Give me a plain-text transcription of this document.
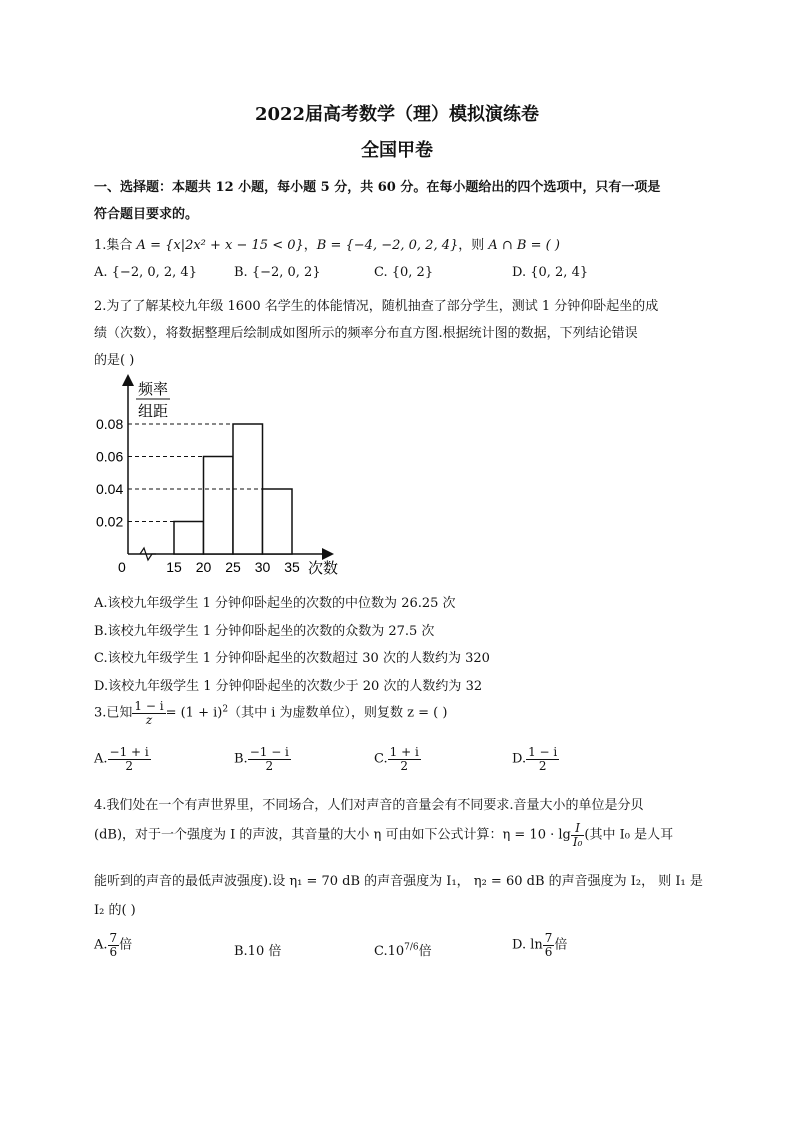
2022届高考数学（理）模拟演练卷
全国甲卷
一、选择题：本题共 12 小题，每小题 5 分，共 60 分。在每小题给出的四个选项中，只有一项是
符合题目要求的。
1.集合 A = {x|2x² + x − 15 < 0}，B = {−4, −2, 0, 2, 4}，则 A ∩ B = ( )
A. {−2, 0, 2, 4}	B. {−2, 0, 2}	C. {0, 2}	D. {0, 2, 4}
2.为了了解某校九年级 1600 名学生的体能情况，随机抽查了部分学生，测试 1 分钟仰卧起坐的成
绩（次数），将数据整理后绘制成如图所示的频率分布直方图.根据统计图的数据，下列结论错误
的是( )
频率
组距
次数
0
0.08
0.06
0.04
0.02
15 20 25 30 35
A.该校九年级学生 1 分钟仰卧起坐的次数的中位数为 26.25 次
B.该校九年级学生 1 分钟仰卧起坐的次数的众数为 27.5 次
C.该校九年级学生 1 分钟仰卧起坐的次数超过 30 次的人数约为 320
D.该校九年级学生 1 分钟仰卧起坐的次数少于 20 次的人数约为 32
3.已知 $\frac{1 - i}{z} = (1 + i)^2$（其中 i 为虚数单位），则复数 z = ( )
A. $\frac{-1 + i}{2}$	B. $\frac{-1 - i}{2}$	C. $\frac{1 + i}{2}$	D. $\frac{1 - i}{2}$
4.我们处在一个有声世界里，不同场合，人们对声音的音量会有不同要求.音量大小的单位是分贝
(dB)，对于一个强度为 I 的声波，其音量的大小 η 可由如下公式计算：$\eta = 10 \cdot \lg \frac{I}{\text{I₀}}$ (其中 I₀ 是人耳
能听到的声音的最低声波强度).设 η₁ = 70 dB 的声音强度为 I₁， η₂ = 60 dB 的声音强度为 I₂， 则 I₁ 是
I₂ 的( )
A. $\frac{7}{6}$ 倍	B.10 倍	$C.10^{7/6}$倍	D. $\ln \frac{7}{6}$ 倍
